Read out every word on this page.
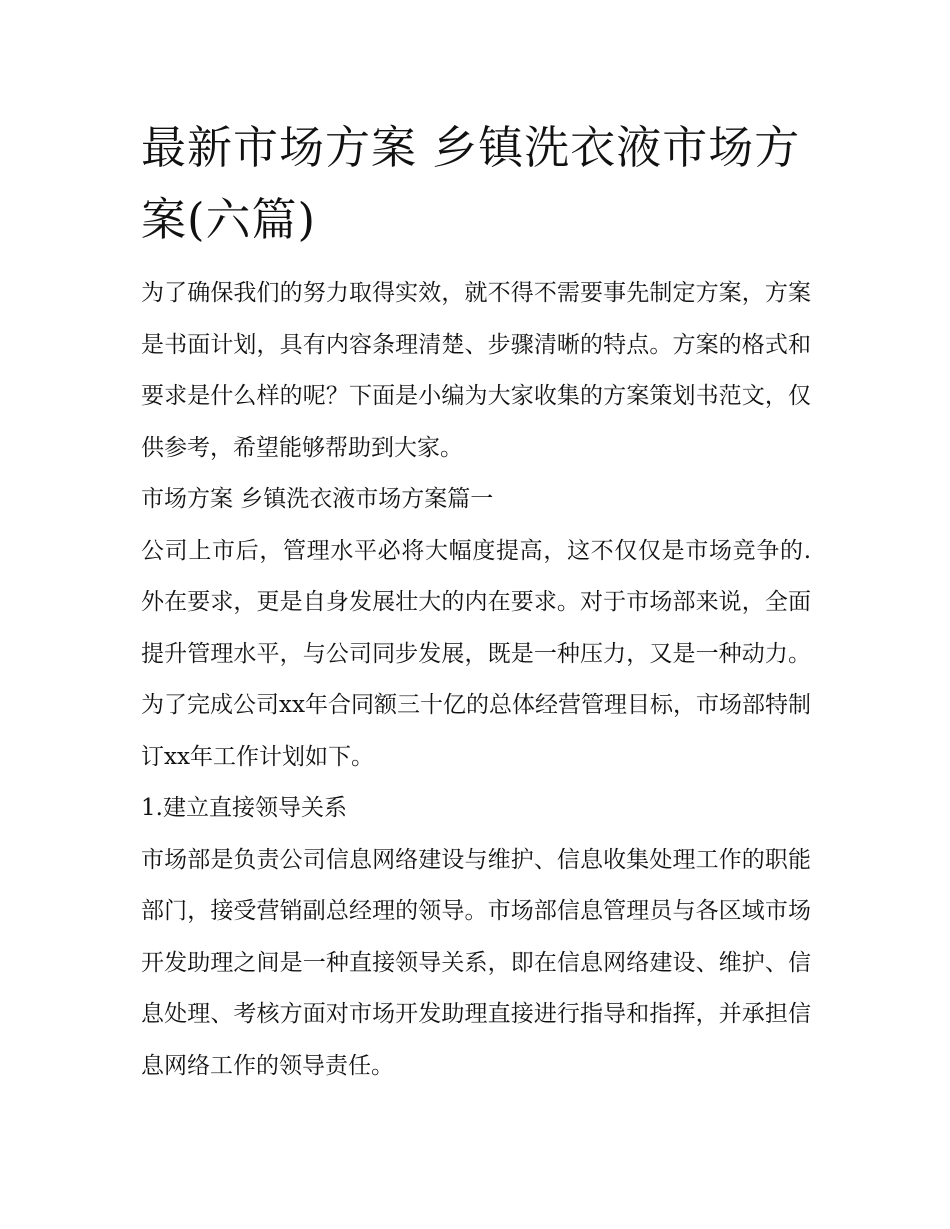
最新市场方案 乡镇洗衣液市场方案(六篇)

为了确保我们的努力取得实效，就不得不需要事先制定方案，方案是书面计划，具有内容条理清楚、步骤清晰的特点。方案的格式和要求是什么样的呢？下面是小编为大家收集的方案策划书范文，仅供参考，希望能够帮助到大家。

市场方案 乡镇洗衣液市场方案篇一

公司上市后，管理水平必将大幅度提高，这不仅仅是市场竞争的.外在要求，更是自身发展壮大的内在要求。对于市场部来说，全面提升管理水平，与公司同步发展，既是一种压力，又是一种动力。为了完成公司xx年合同额三十亿的总体经营管理目标，市场部特制订xx年工作计划如下。

1.建立直接领导关系

市场部是负责公司信息网络建设与维护、信息收集处理工作的职能部门，接受营销副总经理的领导。市场部信息管理员与各区域市场开发助理之间是一种直接领导关系，即在信息网络建设、维护、信息处理、考核方面对市场开发助理直接进行指导和指挥，并承担信息网络工作的领导责任。
